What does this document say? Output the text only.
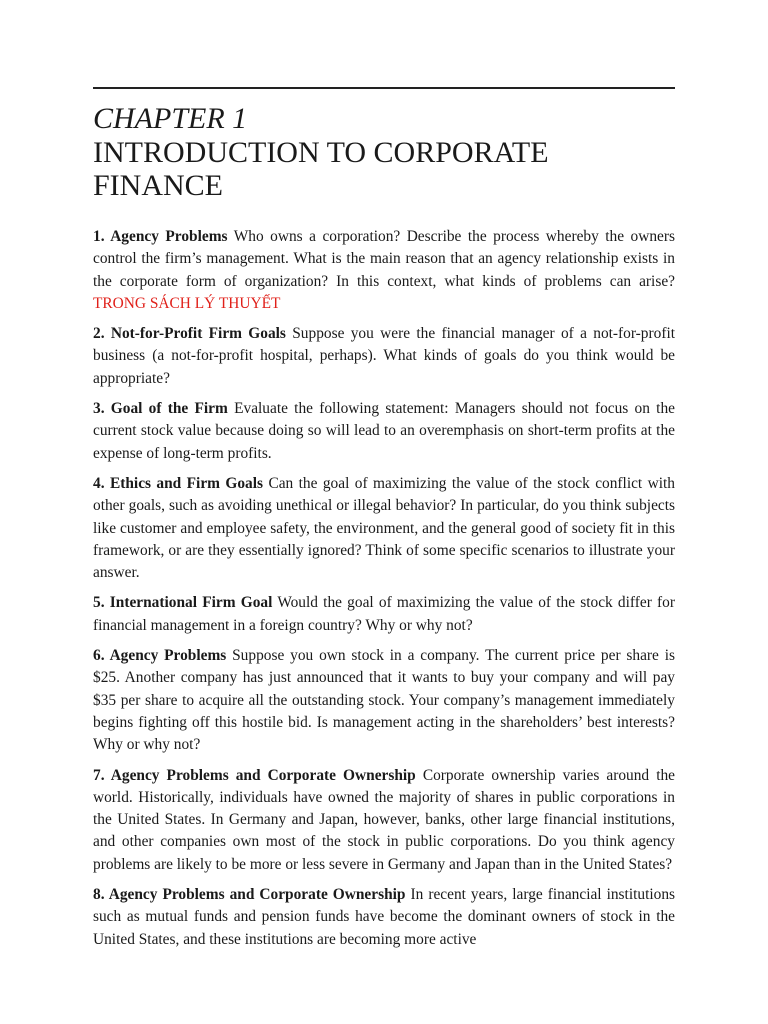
CHAPTER 1
INTRODUCTION TO CORPORATE
FINANCE

1. Agency Problems Who owns a corporation? Describe the process whereby the owners control the firm’s management. What is the main reason that an agency relationship exists in the corporate form of organization? In this context, what kinds of problems can arise? TRONG SÁCH LÝ THUYẾT

2. Not-for-Profit Firm Goals Suppose you were the financial manager of a not-for-profit business (a not-for-profit hospital, perhaps). What kinds of goals do you think would be appropriate?

3. Goal of the Firm Evaluate the following statement: Managers should not focus on the current stock value because doing so will lead to an overemphasis on short-term profits at the expense of long-term profits.

4. Ethics and Firm Goals Can the goal of maximizing the value of the stock conflict with other goals, such as avoiding unethical or illegal behavior? In particular, do you think subjects like customer and employee safety, the environment, and the general good of society fit in this framework, or are they essentially ignored? Think of some specific scenarios to illustrate your answer.

5. International Firm Goal Would the goal of maximizing the value of the stock differ for financial management in a foreign country? Why or why not?

6. Agency Problems Suppose you own stock in a company. The current price per share is $25. Another company has just announced that it wants to buy your company and will pay $35 per share to acquire all the outstanding stock. Your company’s management immediately begins fighting off this hostile bid. Is management acting in the shareholders’ best interests? Why or why not?

7. Agency Problems and Corporate Ownership Corporate ownership varies around the world. Historically, individuals have owned the majority of shares in public corporations in the United States. In Germany and Japan, however, banks, other large financial institutions, and other companies own most of the stock in public corporations. Do you think agency problems are likely to be more or less severe in Germany and Japan than in the United States?

8. Agency Problems and Corporate Ownership In recent years, large financial institutions such as mutual funds and pension funds have become the dominant owners of stock in the United States, and these institutions are becoming more active
